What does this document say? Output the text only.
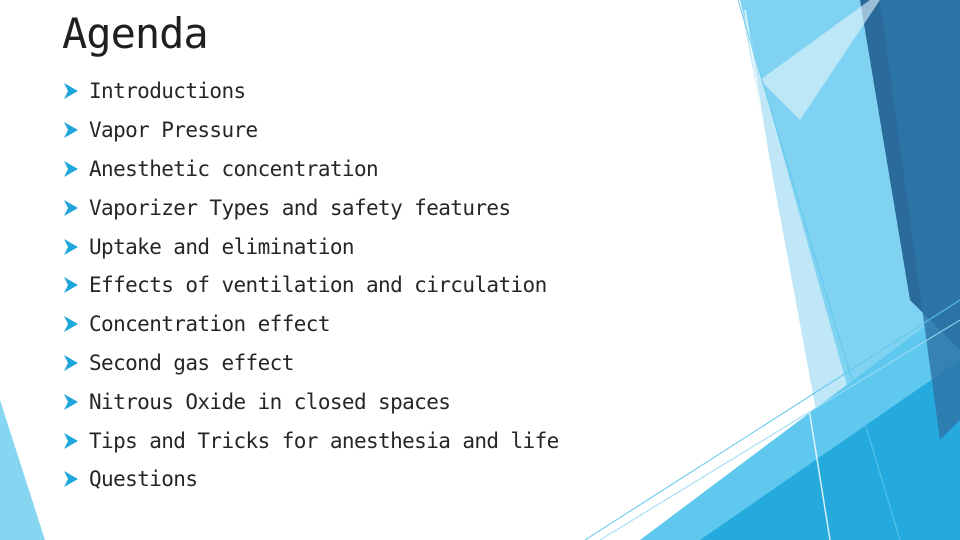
Agenda
Introductions
Vapor Pressure
Anesthetic concentration
Vaporizer Types and safety features
Uptake and elimination
Effects of ventilation and circulation
Concentration effect
Second gas effect
Nitrous Oxide in closed spaces
Tips and Tricks for anesthesia and life
Questions
